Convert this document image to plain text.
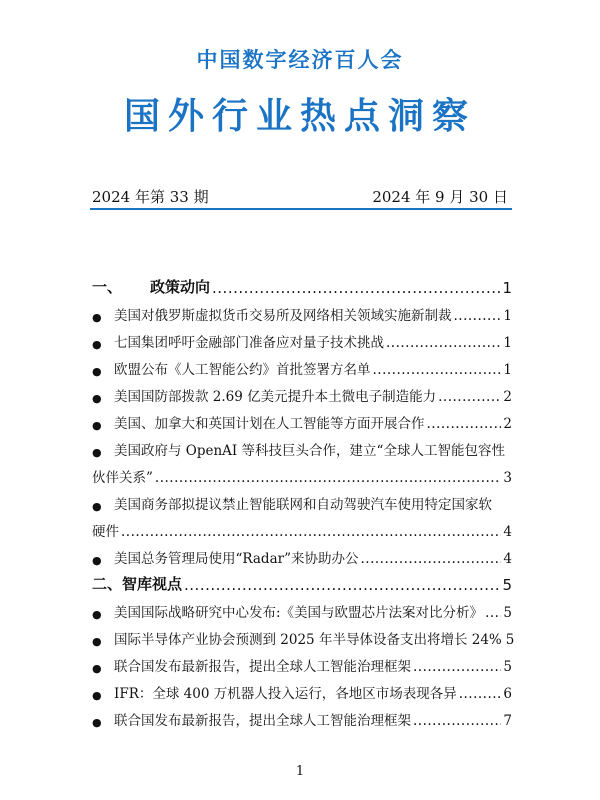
中国数字经济百人会
国外行业热点洞察
2024 年第 33 期	2024 年 9 月 30 日
一、	政策动向 .....	1
● 美国对俄罗斯虚拟货币交易所及网络相关领域实施新制裁 .....	1
● 七国集团呼吁金融部门准备应对量子技术挑战 .....	1
● 欧盟公布《人工智能公约》首批签署方名单 .....	1
● 美国国防部拨款 2.69 亿美元提升本土微电子制造能力 .....	2
● 美国、加拿大和英国计划在人工智能等方面开展合作 .....	2
● 美国政府与 OpenAI 等科技巨头合作，建立“全球人工智能包容性
伙伴关系” .....	3
● 美国商务部拟提议禁止智能联网和自动驾驶汽车使用特定国家软
硬件 .....	4
● 美国总务管理局使用“Radar”来协助办公 .....	4
二、 智库视点 .....	5
● 美国国际战略研究中心发布:《美国与欧盟芯片法案对比分析》 ..... 5
● 国际半导体产业协会预测到 2025 年半导体设备支出将增长 24% 5
● 联合国发布最新报告，提出全球人工智能治理框架 .....	5
● IFR：全球 400 万机器人投入运行，各地区市场表现各异 .....	6
● 联合国发布最新报告，提出全球人工智能治理框架 .....	7
1
